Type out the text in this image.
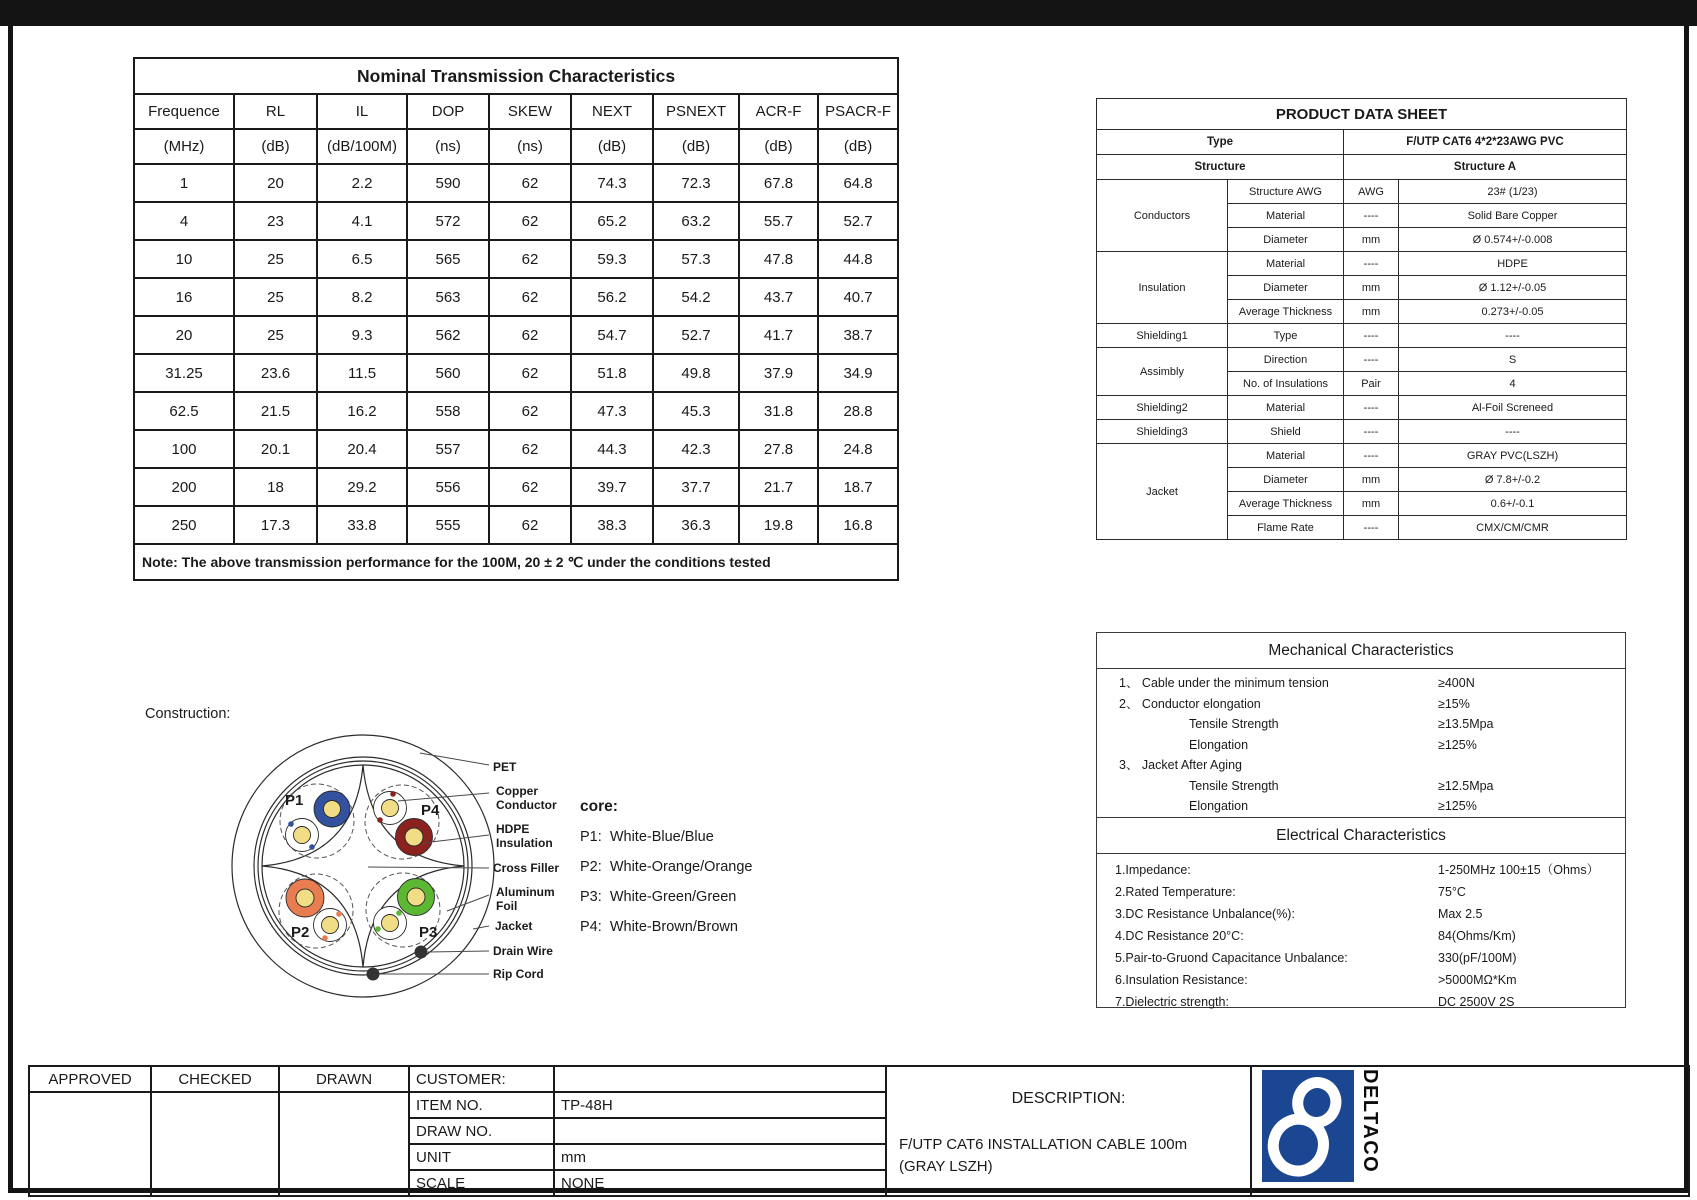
Nominal Transmission Characteristics								
Frequence	RL	IL	DOP	SKEW	NEXT	PSNEXT	ACR-F	PSACR-F
(MHz)	(dB)	(dB/100M)	(ns)	(ns)	(dB)	(dB)	(dB)	(dB)
1	20	2.2	590	62	74.3	72.3	67.8	64.8
4	23	4.1	572	62	65.2	63.2	55.7	52.7
10	25	6.5	565	62	59.3	57.3	47.8	44.8
16	25	8.2	563	62	56.2	54.2	43.7	40.7
20	25	9.3	562	62	54.7	52.7	41.7	38.7
31.25	23.6	11.5	560	62	51.8	49.8	37.9	34.9
62.5	21.5	16.2	558	62	47.3	45.3	31.8	28.8
100	20.1	20.4	557	62	44.3	42.3	27.8	24.8
200	18	29.2	556	62	39.7	37.7	21.7	18.7
250	17.3	33.8	555	62	38.3	36.3	19.8	16.8
Note: The above transmission performance for the 100M, 20 ± 2 ℃ under the conditions tested								
PRODUCT DATA SHEET			
Type		F/UTP CAT6 4*2*23AWG PVC	
Structure		Structure A	
Conductors	Structure AWG	AWG	23# (1/23)
	Material	----	Solid Bare Copper
	Diameter	mm	Ø 0.574+/-0.008
Insulation	Material	----	HDPE
	Diameter	mm	Ø 1.12+/-0.05
	Average Thickness	mm	0.273+/-0.05
Shielding1	Type	----	----
Assimbly	Direction	----	S
	No. of Insulations	Pair	4
Shielding2	Material	----	Al-Foil Screneed
Shielding3	Shield	----	----
Jacket	Material	----	GRAY PVC(LSZH)
	Diameter	mm	Ø 7.8+/-0.2
	Average Thickness	mm	0.6+/-0.1
	Flame Rate	----	CMX/CM/CMR
Mechanical Characteristics
1、 Cable under the minimum tension	≥400N
2、 Conductor elongation	≥15%
Tensile Strength	≥13.5Mpa
Elongation	≥125%
3、 Jacket After Aging
Tensile Strength	≥12.5Mpa
Elongation	≥125%
Electrical Characteristics
1.Impedance:	1-250MHz 100±15（Ohms）
2.Rated Temperature:	75°C
3.DC Resistance Unbalance(%):	Max 2.5
4.DC Resistance 20°C:	84(Ohms/Km)
5.Pair-to-Gruond Capacitance Unbalance:	330(pF/100M)
6.Insulation Resistance:	>5000MΩ*Km
7.Dielectric strength:	DC 2500V 2S
Construction:
P1
P4
P2	P3
PET
Copper
Conductor
HDPE
Insulation
Cross Filler
Aluminum
Foil
Jacket
Drain Wire
Rip Cord
core:
P1:  White-Blue/Blue
P2:  White-Orange/Orange
P3:  White-Green/Green
P4:  White-Brown/Brown
APPROVED	CHECKED	DRAWN	CUSTOMER:		DESCRIPTION:
F/UTP CAT6 INSTALLATION CABLE 100m
(GRAY LSZH)	DELTACO

			ITEM NO.	TP-48H		
			DRAW NO.			
			UNIT	mm		
			SCALE	NONE		
